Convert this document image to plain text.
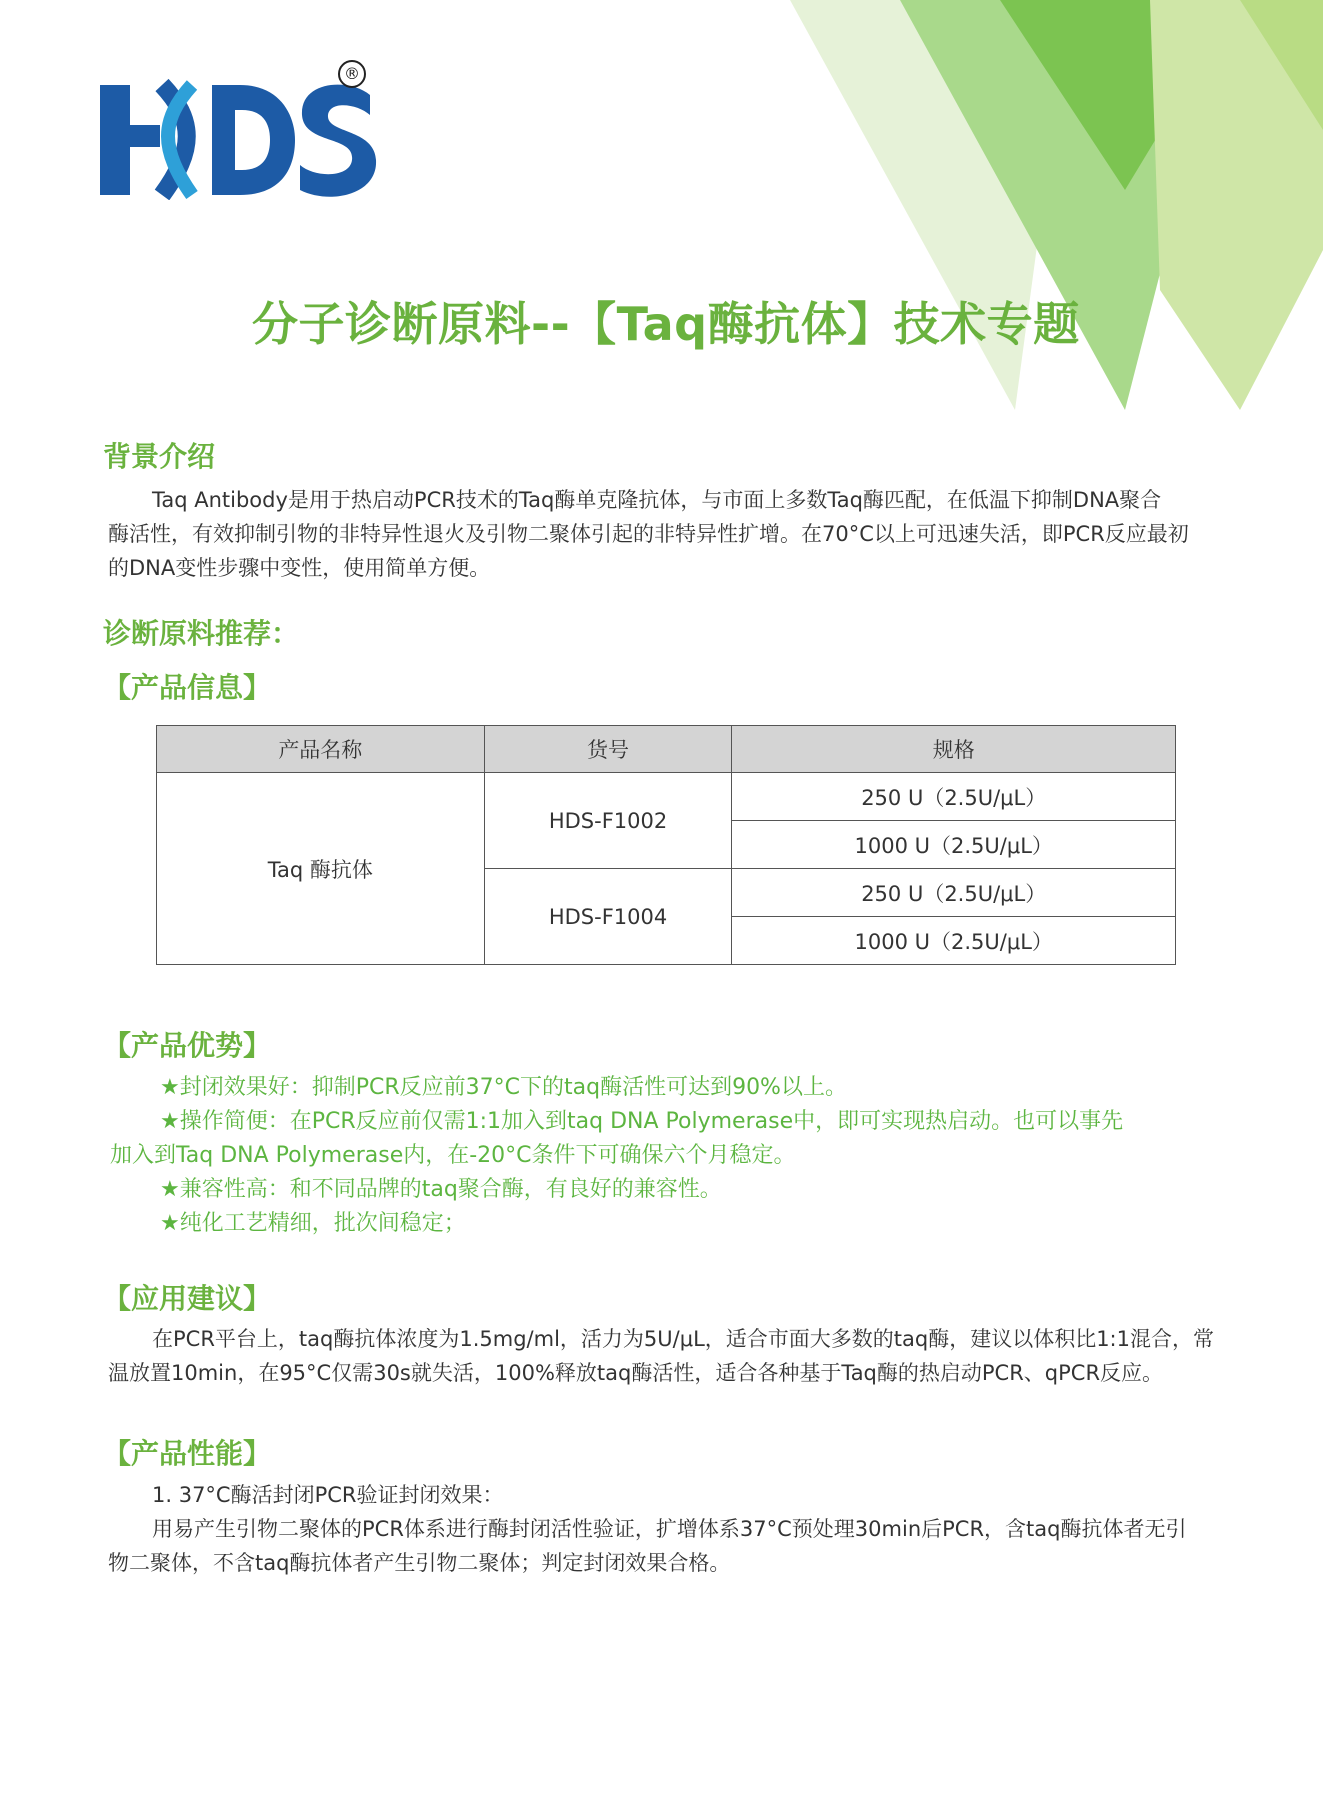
®
分子诊断原料--【Taq酶抗体】技术专题
背景介绍
Taq Antibody是用于热启动PCR技术的Taq酶单克隆抗体，与市面上多数Taq酶匹配，在低温下抑制DNA聚合
酶活性，有效抑制引物的非特异性退火及引物二聚体引起的非特异性扩增。在70°C以上可迅速失活，即PCR反应最初
的DNA变性步骤中变性，使用简单方便。
诊断原料推荐：
【产品信息】
产品名称	货号	规格
Taq 酶抗体	HDS-F1002	250 U（2.5U/μL）
		1000 U（2.5U/μL）
	HDS-F1004	250 U（2.5U/μL）
		1000 U（2.5U/μL）
【产品优势】
★封闭效果好：抑制PCR反应前37°C下的taq酶活性可达到90%以上。
★操作简便：在PCR反应前仅需1:1加入到taq DNA Polymerase中，即可实现热启动。也可以事先
加入到Taq DNA Polymerase内，在-20°C条件下可确保六个月稳定。
★兼容性高：和不同品牌的taq聚合酶，有良好的兼容性。
★纯化工艺精细，批次间稳定；
【应用建议】
在PCR平台上，taq酶抗体浓度为1.5mg/ml，活力为5U/μL，适合市面大多数的taq酶，建议以体积比1:1混合，常
温放置10min，在95°C仅需30s就失活，100%释放taq酶活性，适合各种基于Taq酶的热启动PCR、qPCR反应。
【产品性能】
1. 37°C酶活封闭PCR验证封闭效果：
用易产生引物二聚体的PCR体系进行酶封闭活性验证，扩增体系37°C预处理30min后PCR，含taq酶抗体者无引
物二聚体，不含taq酶抗体者产生引物二聚体；判定封闭效果合格。
